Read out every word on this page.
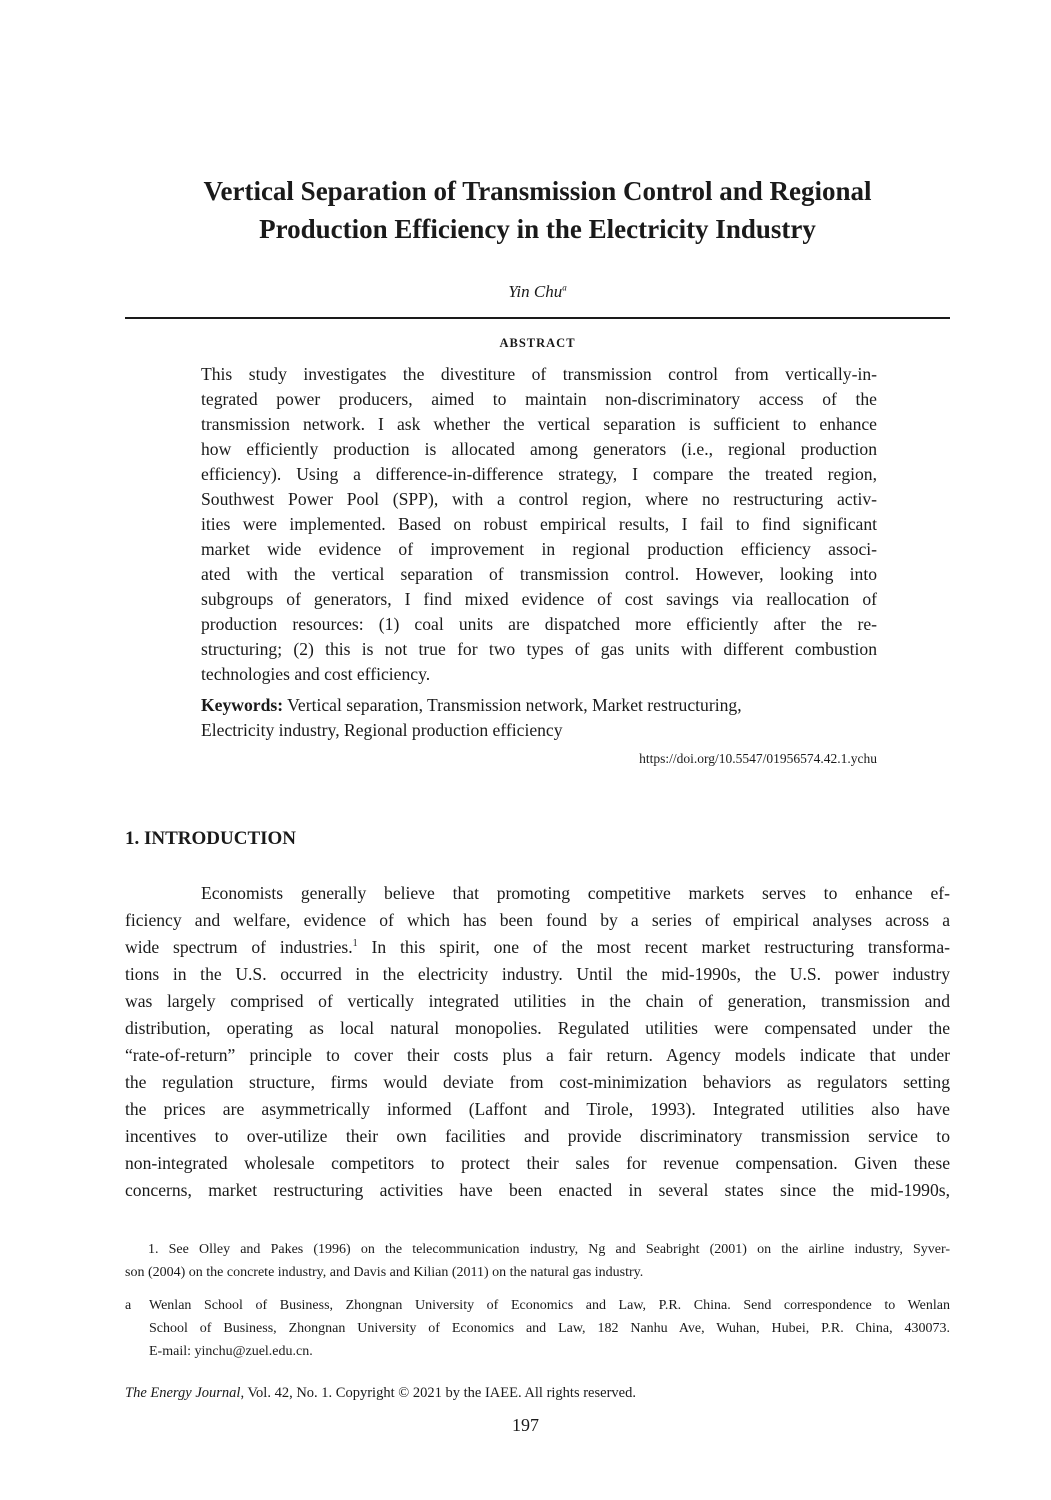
Vertical Separation of Transmission Control and Regional
Production Efficiency in the Electricity Industry
Yin Chu$^a$
ABSTRACT
This study investigates the divestiture of transmission control from vertically-in-
tegrated power producers, aimed to maintain non-discriminatory access of the
transmission network. I ask whether the vertical separation is sufficient to enhance
how efficiently production is allocated among generators (i.e., regional production
efficiency). Using a difference-in-difference strategy, I compare the treated region,
Southwest Power Pool (SPP), with a control region, where no restructuring activ-
ities were implemented. Based on robust empirical results, I fail to find significant
market wide evidence of improvement in regional production efficiency associ-
ated with the vertical separation of transmission control. However, looking into
subgroups of generators, I find mixed evidence of cost savings via reallocation of
production resources: (1) coal units are dispatched more efficiently after the re-
structuring; (2) this is not true for two types of gas units with different combustion
technologies and cost efficiency.
Keywords: Vertical separation, Transmission network, Market restructuring,
Electricity industry, Regional production efficiency
https://doi.org/10.5547/01956574.42.1.ychu
1. INTRODUCTION
Economists generally believe that promoting competitive markets serves to enhance ef-
ficiency and welfare, evidence of which has been found by a series of empirical analyses across a
wide spectrum of industries.$^1$ In this spirit, one of the most recent market restructuring transforma-
tions in the U.S. occurred in the electricity industry. Until the mid-1990s, the U.S. power industry
was largely comprised of vertically integrated utilities in the chain of generation, transmission and
distribution, operating as local natural monopolies. Regulated utilities were compensated under the
“rate-of-return” principle to cover their costs plus a fair return. Agency models indicate that under
the regulation structure, firms would deviate from cost-minimization behaviors as regulators setting
the prices are asymmetrically informed (Laffont and Tirole, 1993). Integrated utilities also have
incentives to over-utilize their own facilities and provide discriminatory transmission service to
non-integrated wholesale competitors to protect their sales for revenue compensation. Given these
concerns, market restructuring activities have been enacted in several states since the mid-1990s,
1. See Olley and Pakes (1996) on the telecommunication industry, Ng and Seabright (2001) on the airline industry, Syver-
son (2004) on the concrete industry, and Davis and Kilian (2011) on the natural gas industry.
a Wenlan School of Business, Zhongnan University of Economics and Law, P.R. China. Send correspondence to Wenlan
School of Business, Zhongnan University of Economics and Law, 182 Nanhu Ave, Wuhan, Hubei, P.R. China, 430073.
E-mail: yinchu@zuel.edu.cn.
The Energy Journal, Vol. 42, No. 1. Copyright © 2021 by the IAEE. All rights reserved.
197
